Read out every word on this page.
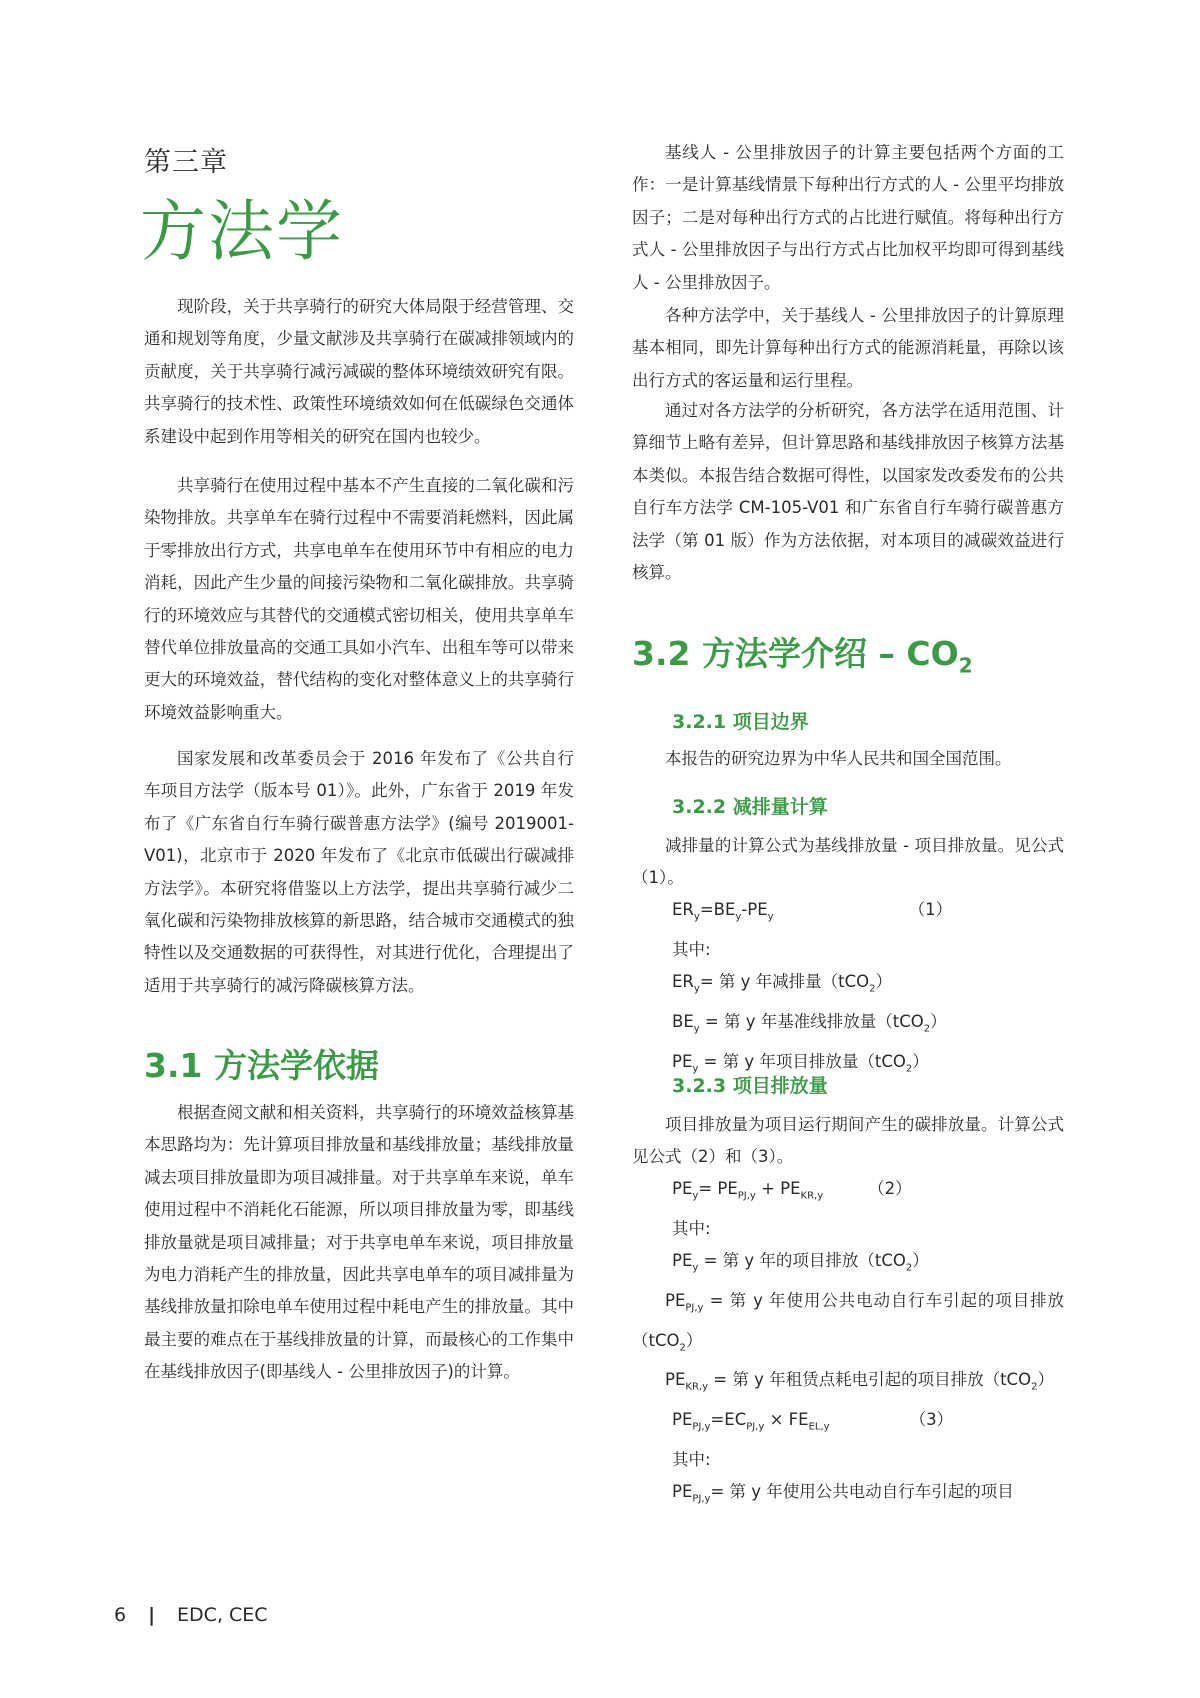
第三章
方法学

现阶段，关于共享骑行的研究大体局限于经营管理、交通和规划等角度，少量文献涉及共享骑行在碳减排领域内的贡献度，关于共享骑行减污减碳的整体环境绩效研究有限。共享骑行的技术性、政策性环境绩效如何在低碳绿色交通体系建设中起到作用等相关的研究在国内也较少。

共享骑行在使用过程中基本不产生直接的二氧化碳和污染物排放。共享单车在骑行过程中不需要消耗燃料，因此属于零排放出行方式，共享电单车在使用环节中有相应的电力消耗，因此产生少量的间接污染物和二氧化碳排放。共享骑行的环境效应与其替代的交通模式密切相关，使用共享单车替代单位排放量高的交通工具如小汽车、出租车等可以带来更大的环境效益，替代结构的变化对整体意义上的共享骑行环境效益影响重大。

国家发展和改革委员会于 2016 年发布了《公共自行车项目方法学（版本号 01）》。此外，广东省于 2019 年发布了《广东省自行车骑行碳普惠方法学》(编号 2019001-V01)，北京市于 2020 年发布了《北京市低碳出行碳减排方法学》。本研究将借鉴以上方法学，提出共享骑行减少二氧化碳和污染物排放核算的新思路，结合城市交通模式的独特性以及交通数据的可获得性，对其进行优化，合理提出了适用于共享骑行的减污降碳核算方法。

3.1 方法学依据

根据查阅文献和相关资料，共享骑行的环境效益核算基本思路均为：先计算项目排放量和基线排放量；基线排放量减去项目排放量即为项目减排量。对于共享单车来说，单车使用过程中不消耗化石能源，所以项目排放量为零，即基线排放量就是项目减排量；对于共享电单车来说，项目排放量为电力消耗产生的排放量，因此共享电单车的项目减排量为基线排放量扣除电单车使用过程中耗电产生的排放量。其中最主要的难点在于基线排放量的计算，而最核心的工作集中在基线排放因子(即基线人 - 公里排放因子)的计算。

基线人 - 公里排放因子的计算主要包括两个方面的工作：一是计算基线情景下每种出行方式的人 - 公里平均排放因子；二是对每种出行方式的占比进行赋值。将每种出行方式人 - 公里排放因子与出行方式占比加权平均即可得到基线人 - 公里排放因子。

各种方法学中，关于基线人 - 公里排放因子的计算原理基本相同，即先计算每种出行方式的能源消耗量，再除以该出行方式的客运量和运行里程。

通过对各方法学的分析研究，各方法学在适用范围、计算细节上略有差异，但计算思路和基线排放因子核算方法基本类似。本报告结合数据可得性，以国家发改委发布的公共自行车方法学 CM-105-V01 和广东省自行车骑行碳普惠方法学（第 01 版）作为方法依据，对本项目的减碳效益进行核算。

3.2 方法学介绍 – $CO_2$
3.2.1 项目边界

本报告的研究边界为中华人民共和国全国范围。

3.2.2 减排量计算

减排量的计算公式为基线排放量 - 项目排放量。见公式（1）。

$ER_y=BE_y-PE_y$	（1）

其中:

$ER_y=$ 第 y 年减排量（tCO$_2$）

$BE_y$ = 第 y 年基准线排放量（tCO$_2$）

$PE_y$ = 第 y 年项目排放量（tCO$_2$）

3.2.3 项目排放量

项目排放量为项目运行期间产生的碳排放量。计算公式见公式（2）和（3）。

$PE_y= PE_{PJ,y} + PE_{KR,y}$	（2）

其中:

$PE_y$ = 第 y 年的项目排放（tCO$_2$）

$PE_{PJ,y}$ = 第 y 年使用公共电动自行车引起的项目排放（tCO$_2$）

$PE_{KR,y}$ = 第 y 年租赁点耗电引起的项目排放（tCO$_2$）

$PE_{PJ,y}=EC_{PJ,y} \times FE_{EL,y}$	（3）

其中:

$PE_{PJ,y}=$ 第 y 年使用公共电动自行车引起的项目

6 | EDC, CEC
